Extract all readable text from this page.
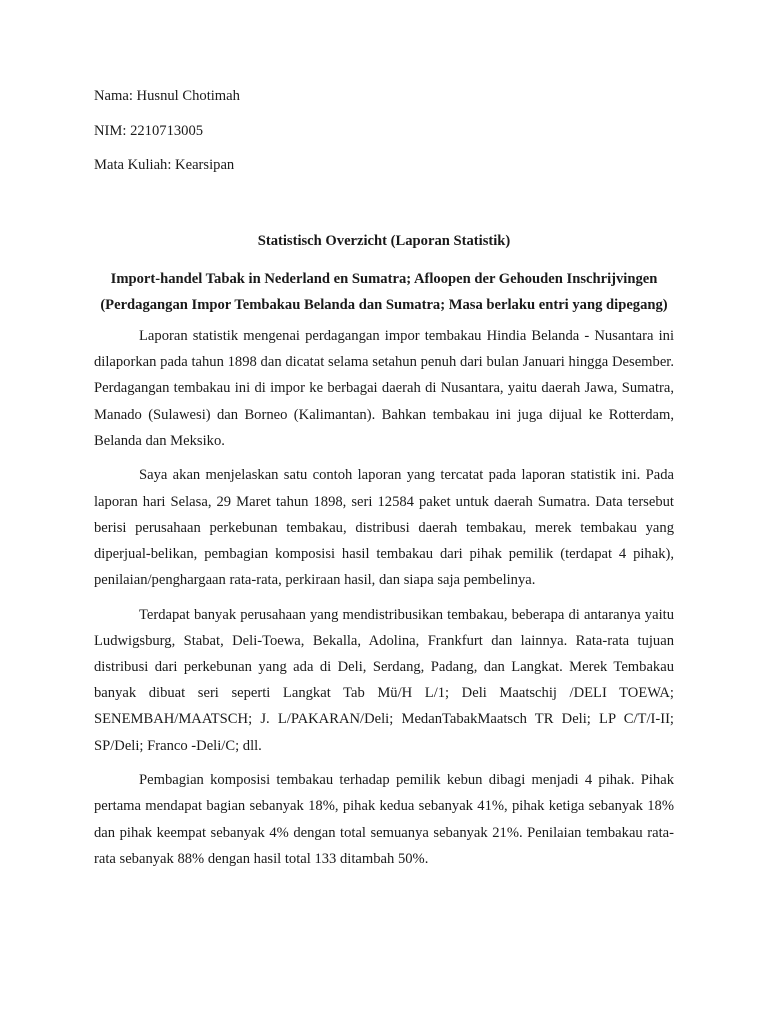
Nama: Husnul Chotimah

NIM: 2210713005

Mata Kuliah: Kearsipan

Statistisch Overzicht (Laporan Statistik)

Import-handel Tabak in Nederland en Sumatra; Afloopen der Gehouden Inschrijvingen (Perdagangan Impor Tembakau Belanda dan Sumatra; Masa berlaku entri yang dipegang)

Laporan statistik mengenai perdagangan impor tembakau Hindia Belanda - Nusantara ini dilaporkan pada tahun 1898 dan dicatat selama setahun penuh dari bulan Januari hingga Desember. Perdagangan tembakau ini di impor ke berbagai daerah di Nusantara, yaitu daerah Jawa, Sumatra, Manado (Sulawesi) dan Borneo (Kalimantan). Bahkan tembakau ini juga dijual ke Rotterdam, Belanda dan Meksiko.

Saya akan menjelaskan satu contoh laporan yang tercatat pada laporan statistik ini. Pada laporan hari Selasa, 29 Maret tahun 1898, seri 12584 paket untuk daerah Sumatra. Data tersebut berisi perusahaan perkebunan tembakau, distribusi daerah tembakau, merek tembakau yang diperjual-belikan, pembagian komposisi hasil tembakau dari pihak pemilik (terdapat 4 pihak), penilaian/penghargaan rata-rata, perkiraan hasil, dan siapa saja pembelinya.

Terdapat banyak perusahaan yang mendistribusikan tembakau, beberapa di antaranya yaitu Ludwigsburg, Stabat, Deli-Toewa, Bekalla, Adolina, Frankfurt dan lainnya. Rata-rata tujuan distribusi dari perkebunan yang ada di Deli, Serdang, Padang, dan Langkat. Merek Tembakau banyak dibuat seri seperti Langkat Tab Mü/H L/1; Deli Maatschij /DELI TOEWA; SENEMBAH/MAATSCH; J. L/PAKARAN/Deli; MedanTabakMaatsch TR Deli; LP C/T/I-II; SP/Deli; Franco -Deli/C; dll.

Pembagian komposisi tembakau terhadap pemilik kebun dibagi menjadi 4 pihak. Pihak pertama mendapat bagian sebanyak 18%, pihak kedua sebanyak 41%, pihak ketiga sebanyak 18% dan pihak keempat sebanyak 4% dengan total semuanya sebanyak 21%. Penilaian tembakau rata-rata sebanyak 88% dengan hasil total 133 ditambah 50%.
